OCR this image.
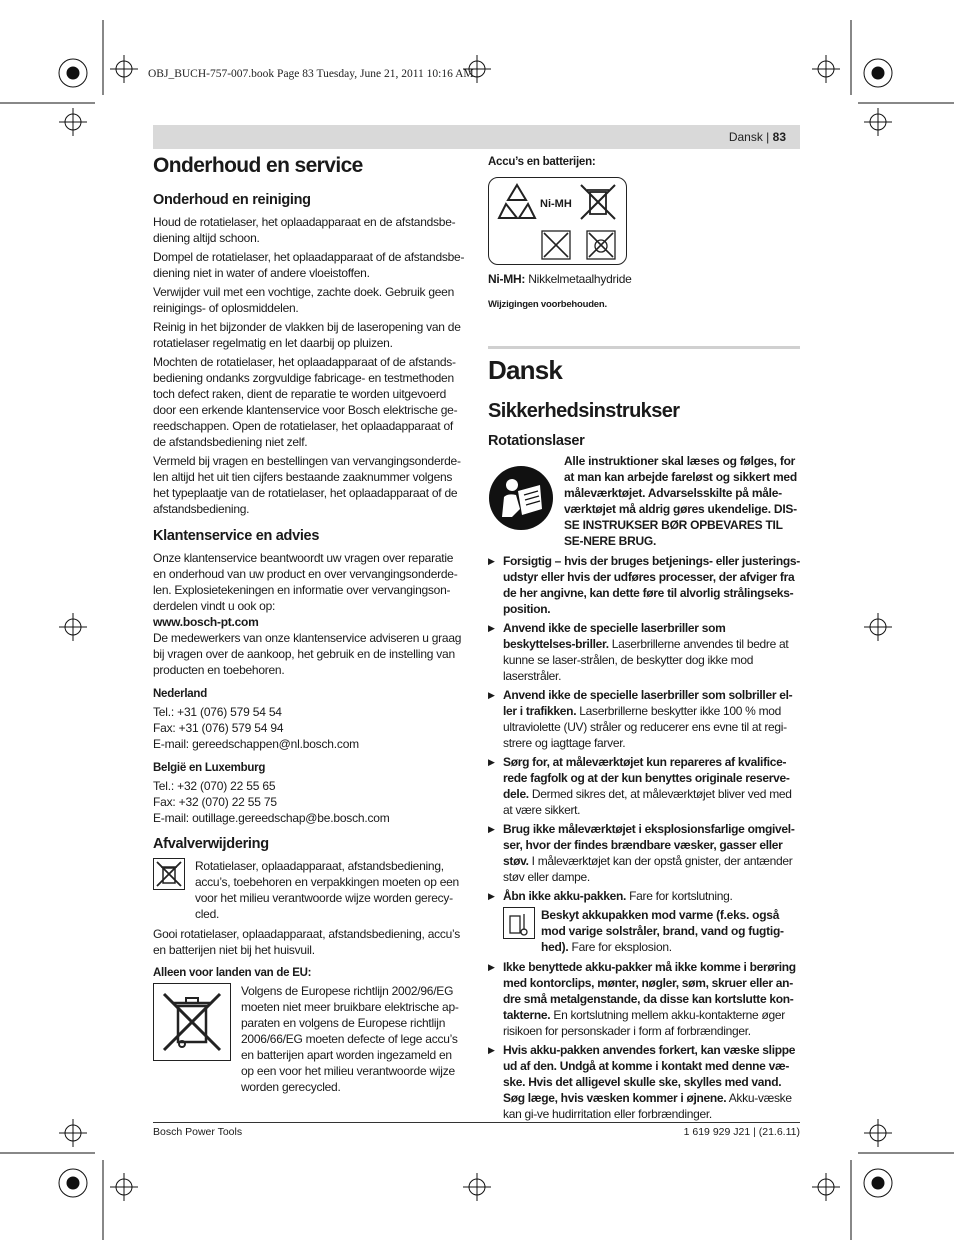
OBJ_BUCH-757-007.book Page 83 Tuesday, June 21, 2011 10:16 AM
Dansk | 83
Onderhoud en service
Onderhoud en reiniging

Houd de rotatielaser, het oplaadapparaat en de afstandsbe-diening altijd schoon.

Dompel de rotatielaser, het oplaadapparaat of de afstandsbe-diening niet in water of andere vloeistoffen.

Verwijder vuil met een vochtige, zachte doek. Gebruik geen reinigings- of oplosmiddelen.

Reinig in het bijzonder de vlakken bij de laseropening van de rotatielaser regelmatig en let daarbij op pluizen.

Mochten de rotatielaser, het oplaadapparaat of de afstands-bediening ondanks zorgvuldige fabricage- en testmethoden toch defect raken, dient de reparatie te worden uitgevoerd door een erkende klantenservice voor Bosch elektrische ge-reedschappen. Open de rotatielaser, het oplaadapparaat of de afstandsbediening niet zelf.

Vermeld bij vragen en bestellingen van vervangingsonderde-len altijd het uit tien cijfers bestaande zaaknummer volgens het typeplaatje van de rotatielaser, het oplaadapparaat of de afstandsbediening.

Klantenservice en advies

Onze klantenservice beantwoordt uw vragen over reparatie en onderhoud van uw product en over vervangingsonderde-len. Explosietekeningen en informatie over vervangingson-derdelen vindt u ook op:

www.bosch-pt.com

De medewerkers van onze klantenservice adviseren u graag bij vragen over de aankoop, het gebruik en de instelling van producten en toebehoren.

Nederland
Tel.: +31 (076) 579 54 54
Fax: +31 (076) 579 54 94
E-mail: gereedschappen@nl.bosch.com
België en Luxemburg
Tel.: +32 (070) 22 55 65
Fax: +32 (070) 22 55 75
E-mail: outillage.gereedschap@be.bosch.com
Afvalverwijdering

Rotatielaser, oplaadapparaat, afstandsbediening, accu’s, toebehoren en verpakkingen moeten op een voor het milieu verantwoorde wijze worden gerecy-cled.

Gooi rotatielaser, oplaadapparaat, afstandsbediening, accu’s en batterijen niet bij het huisvuil.

Alleen voor landen van de EU:

Volgens de Europese richtlijn 2002/96/EG moeten niet meer bruikbare elektrische ap-paraten en volgens de Europese richtlijn 2006/66/EG moeten defecte of lege accu’s en batterijen apart worden ingezameld en op een voor het milieu verantwoorde wijze worden gerecycled.

Accu’s en batterijen:
Ni-MH

Ni-MH: Nikkelmetaalhydride

Wijzigingen voorbehouden.
Dansk
Sikkerhedsinstrukser
Rotationslaser

Alle instruktioner skal læses og følges, for at man kan arbejde fareløst og sikkert med måleværktøjet. Advarselsskilte på måle-værktøjet må aldrig gøres ukendelige. DIS-SE INSTRUKSER BØR OPBEVARES TIL SE-NERE BRUG.

▶ Forsigtig – hvis der bruges betjenings- eller justerings-udstyr eller hvis der udføres processer, der afviger fra de her angivne, kan dette føre til alvorlig strålingseks-position.
▶ Anvend ikke de specielle laserbriller som beskyttelses-briller. Laserbrillerne anvendes til bedre at kunne se laser-strålen, de beskytter dog ikke mod laserstråler.
▶ Anvend ikke de specielle laserbriller som solbriller el-ler i trafikken. Laserbrillerne beskytter ikke 100 % mod ultraviolette (UV) stråler og reducerer ens evne til at regi-strere og iagttage farver.
▶ Sørg for, at måleværktøjet kun repareres af kvalifice-rede fagfolk og at der kun benyttes originale reserve-dele. Dermed sikres det, at måleværktøjet bliver ved med at være sikkert.
▶ Brug ikke måleværktøjet i eksplosionsfarlige omgivel-ser, hvor der findes brændbare væsker, gasser eller støv. I måleværktøjet kan der opstå gnister, der antænder støv eller dampe.
▶ Åbn ikke akku-pakken. Fare for kortslutning.

Beskyt akkupakken mod varme (f.eks. også mod varige solstråler, brand, vand og fugtig-hed). Fare for eksplosion.

▶ Ikke benyttede akku-pakker må ikke komme i berøring med kontorclips, mønter, nøgler, søm, skruer eller an-dre små metalgenstande, da disse kan kortslutte kon-takterne. En kortslutning mellem akku-kontakterne øger risikoen for personskader i form af forbrændinger.
▶ Hvis akku-pakken anvendes forkert, kan væske slippe ud af den. Undgå at komme i kontakt med denne væ-ske. Hvis det alligevel skulle ske, skylles med vand. Søg læge, hvis væsken kommer i øjnene. Akku-væske kan gi-ve hudirritation eller forbrændinger.
Bosch Power Tools	1 619 929 J21 | (21.6.11)
